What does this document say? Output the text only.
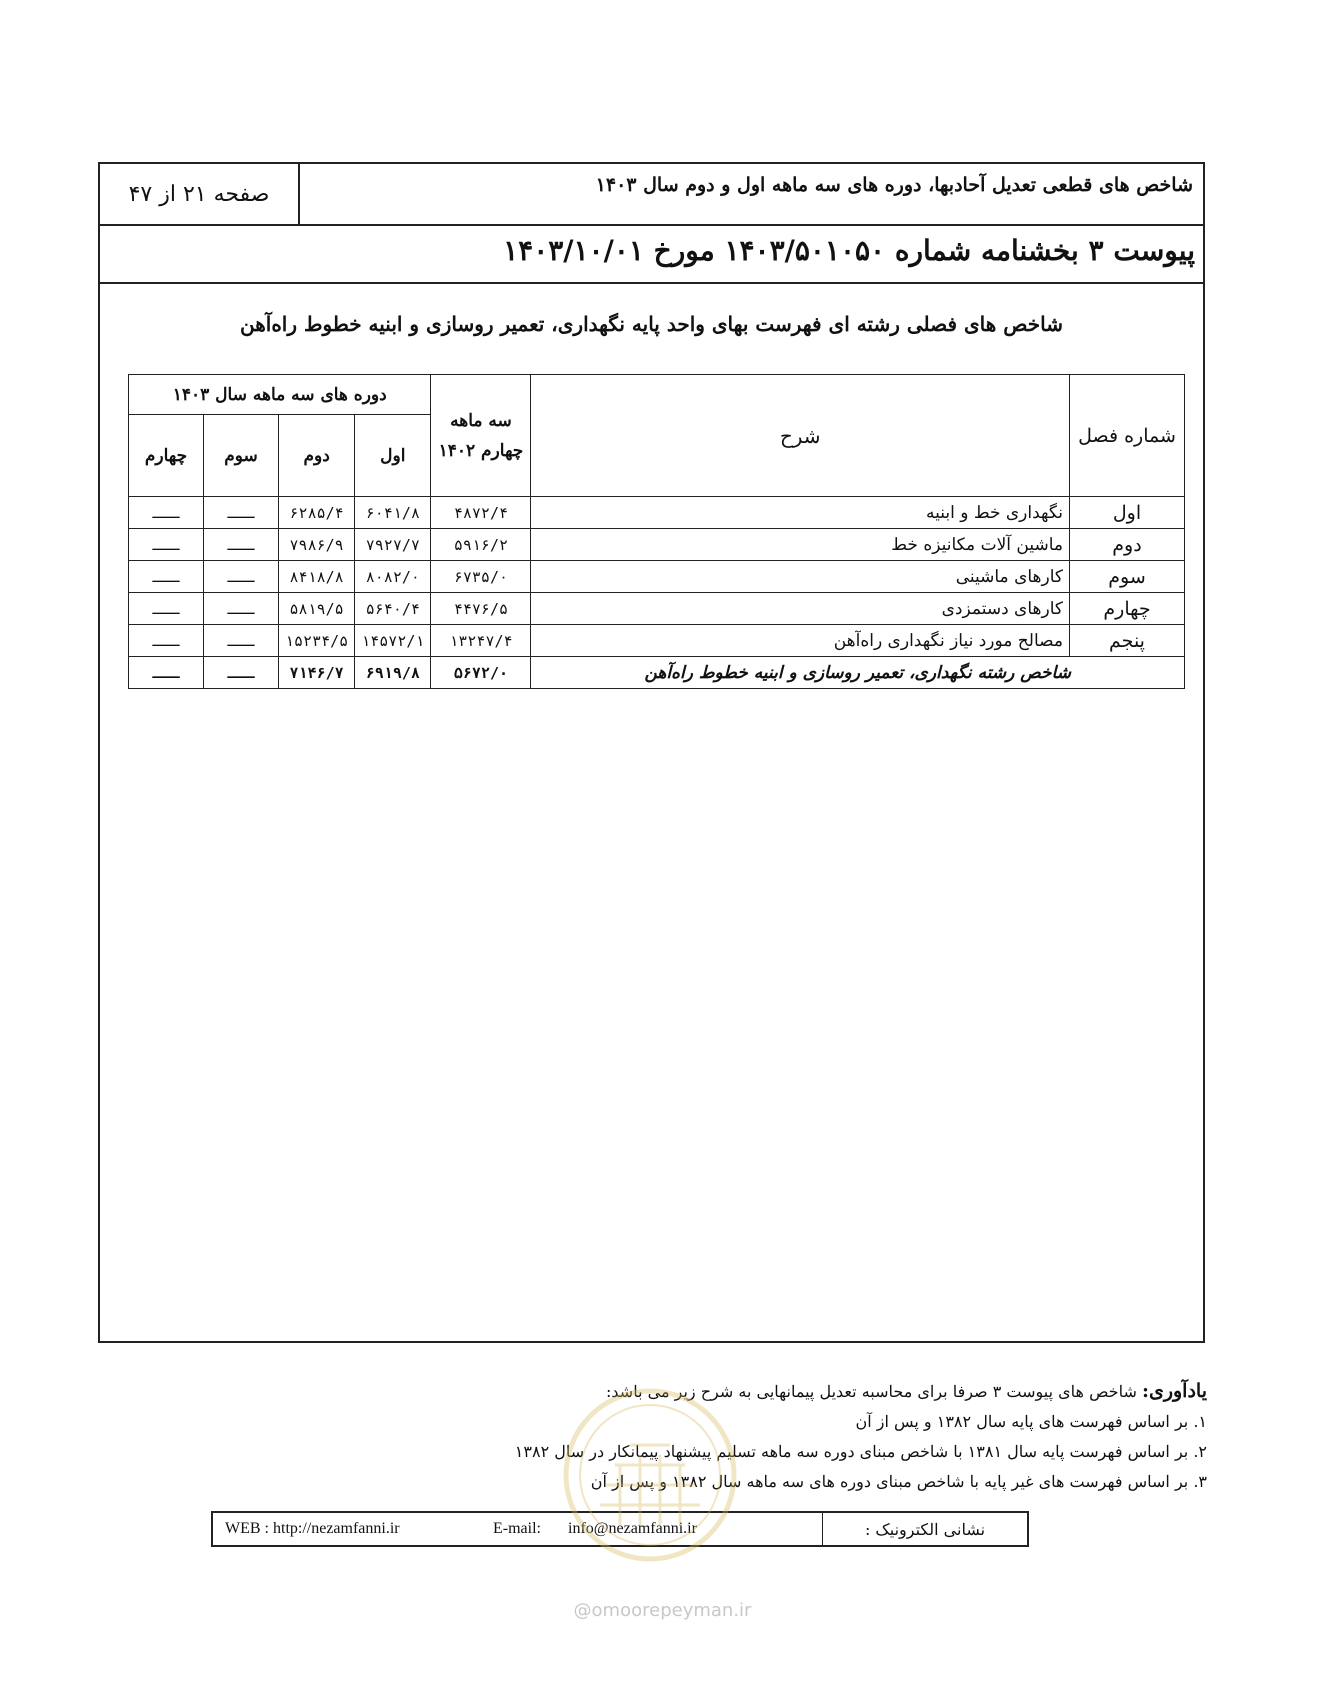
شاخص های قطعی تعدیل آحادبها، دوره های سه ماهه اول و دوم سال ۱۴۰۳
صفحه ۲۱ از ۴۷
پیوست ۳ بخشنامه شماره ۱۴۰۳/۵۰۱۰۵۰ مورخ ۱۴۰۳/۱۰/۰۱
شاخص های فصلی رشته ای فهرست بهای واحد پایه نگهداری، تعمیر روسازی و ابنیه خطوط راه‌آهن
شماره فصل	شرح	سه ماهه چهارم ۱۴۰۲	دوره های سه ماهه سال ۱۴۰۳			
			اول	دوم	سوم	چهارم
اول	نگهداری خط و ابنیه	۴۸۷۲/۴	۶۰۴۱/۸	۶۲۸۵/۴	ـــ	ـــ
دوم	ماشین آلات مکانیزه خط	۵۹۱۶/۲	۷۹۲۷/۷	۷۹۸۶/۹	ـــ	ـــ
سوم	کارهای ماشینی	۶۷۳۵/۰	۸۰۸۲/۰	۸۴۱۸/۸	ـــ	ـــ
چهارم	کارهای دستمزدی	۴۴۷۶/۵	۵۶۴۰/۴	۵۸۱۹/۵	ـــ	ـــ
پنجم	مصالح مورد نیاز نگهداری راه‌آهن	۱۳۲۴۷/۴	۱۴۵۷۲/۱	۱۵۲۳۴/۵	ـــ	ـــ
شاخص رشته نگهداری، تعمیر روسازی و ابنیه خطوط راه‌آهن		۵۶۷۲/۰	۶۹۱۹/۸	۷۱۴۶/۷	ـــ	ـــ
یادآوری: شاخص های پیوست ۳ صرفا برای محاسبه تعدیل پیمانهایی به شرح زیر می باشد:
۱. بر اساس فهرست های پایه سال ۱۳۸۲ و پس از آن
۲. بر اساس فهرست پایه سال ۱۳۸۱ با شاخص مبنای دوره سه ماهه تسلیم پیشنهاد پیمانکار در سال ۱۳۸۲
۳. بر اساس فهرست های غیر پایه با شاخص مبنای دوره های سه ماهه سال ۱۳۸۲ و پس از آن
نشانی الکترونیک :
WEB : http://nezamfanni.ir	E-mail: info@nezamfanni.ir
@omoorepeyman.ir
